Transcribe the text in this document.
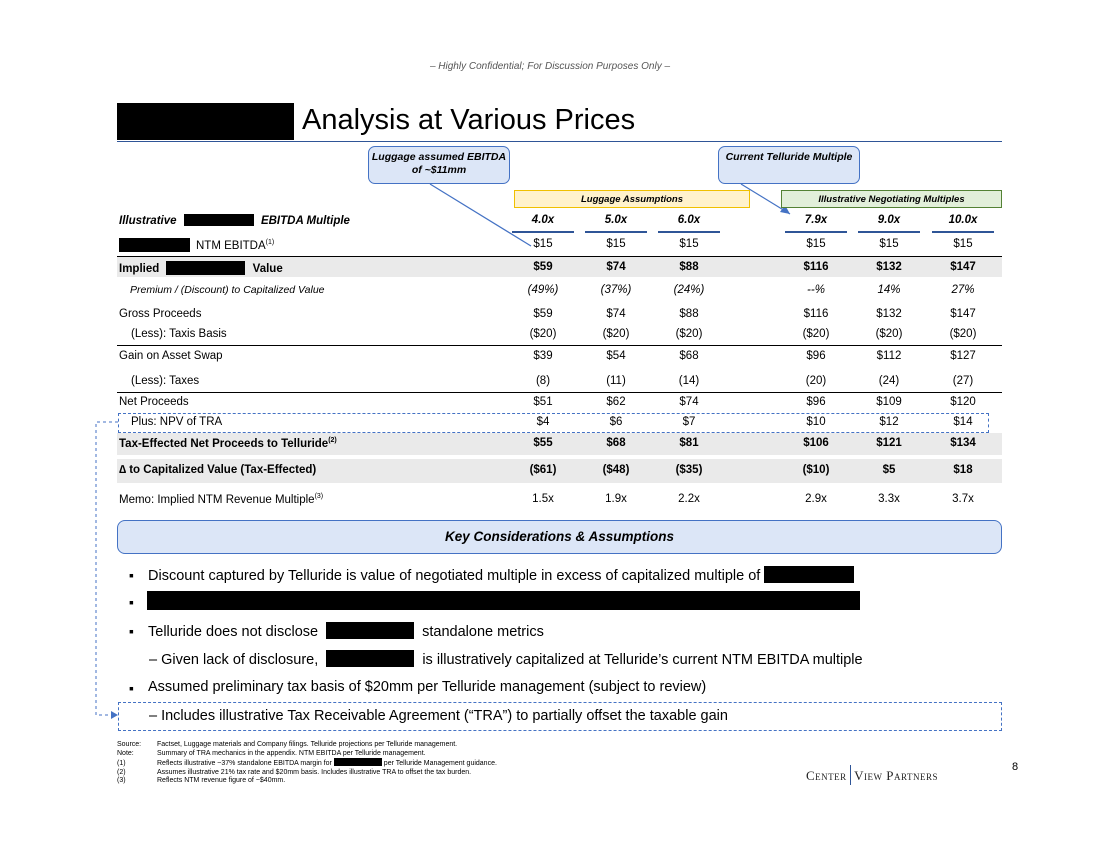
– Highly Confidential; For Discussion Purposes Only –
Analysis at Various Prices
Luggage assumed EBITDA of ~$11mm
Current Telluride Multiple
Luggage Assumptions	Illustrative Negotiating Multiples
Illustrative	EBITDA Multiple	4.0x	5.0x	6.0x	7.9x	9.0x	10.0x
NTM EBITDA$^{(1)}$	$15	$15	$15	$15	$15	$15
Implied	Value	$59	$74	$88	$116	$132	$147
Premium / (Discount) to Capitalized Value	(49%)	(37%)	(24%)	--%	14%	27%
Gross Proceeds	$59	$74	$88	$116	$132	$147
(Less): Taxis Basis	($20)	($20)	($20)	($20)	($20)	($20)
Gain on Asset Swap	$39	$54	$68	$96	$112	$127
(Less): Taxes	(8)	(11)	(14)	(20)	(24)	(27)
Net Proceeds	$51	$62	$74	$96	$109	$120
Plus: NPV of TRA	$4	$6	$7	$10	$12	$14
Tax-Effected Net Proceeds to Telluride$^{(2)}$	$55	$68	$81	$106	$121	$134
∆ to Capitalized Value (Tax-Effected)	($61)	($48)	($35)	($10)	$5	$18
Memo: Implied NTM Revenue Multiple$^{(3)}$	1.5x	1.9x	2.2x	2.9x	3.3x	3.7x
Key Considerations & Assumptions
▪ Discount captured by Telluride is value of negotiated multiple in excess of capitalized multiple of
▪
▪ Telluride does not disclose	standalone metrics
– Given lack of disclosure,	is illustratively capitalized at Telluride’s current NTM EBITDA multiple
▪ Assumed preliminary tax basis of $20mm per Telluride management (subject to review)
– Includes illustrative Tax Receivable Agreement (“TRA”) to partially offset the taxable gain
Source: Factset, Luggage materials and Company filings. Telluride projections per Telluride management.
Note:	Summary of TRA mechanics in the appendix. NTM EBITDA per Telluride management.
(1)	Reflects illustrative ~37% standalone EBITDA margin for	per Telluride Management guidance.
(2)	Assumes illustrative 21% tax rate and $20mm basis. Includes illustrative TRA to offset the tax burden.
(3)	Reflects NTM revenue figure of ~$40mm.	Center View Partners
8
